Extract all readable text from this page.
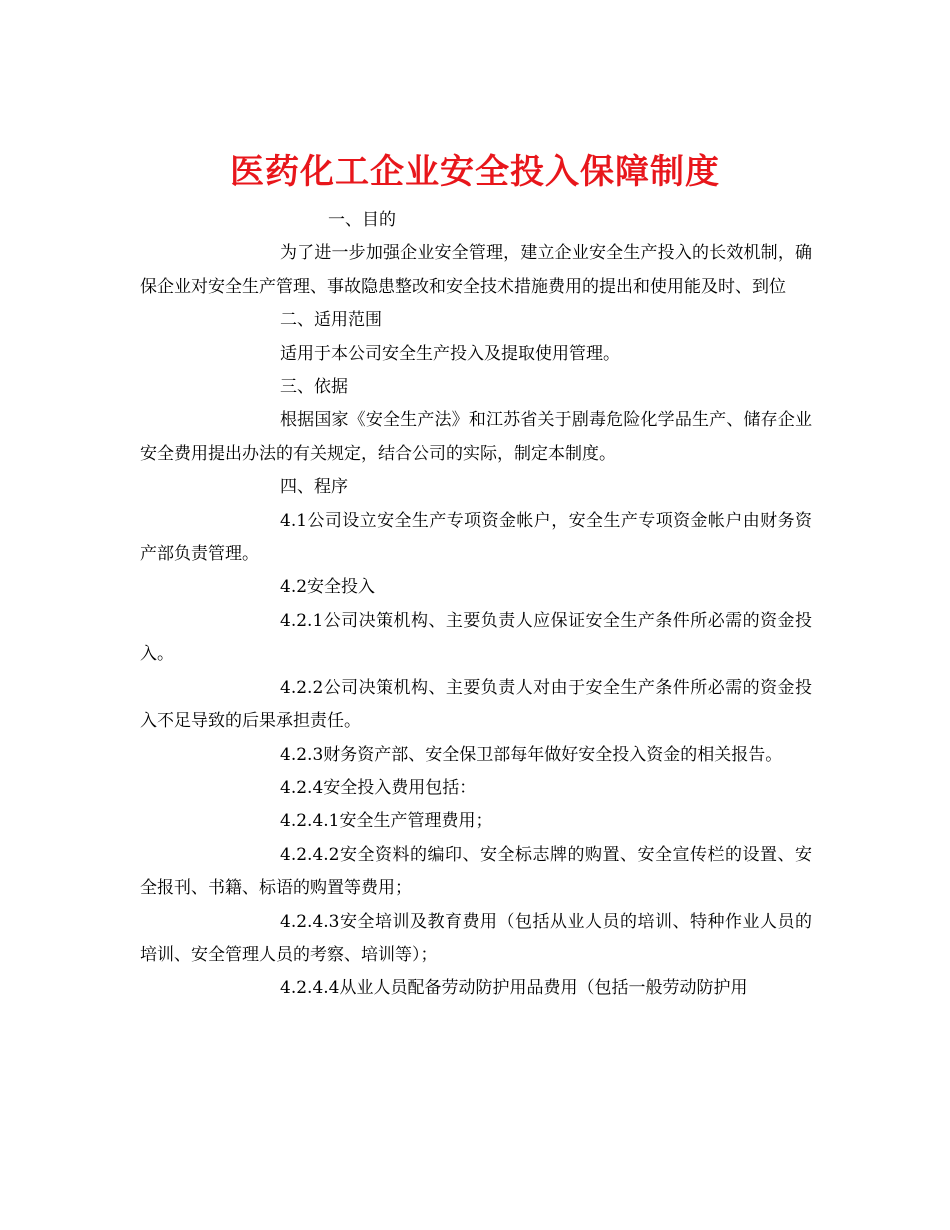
医药化工企业安全投入保障制度

一、目的

为了进一步加强企业安全管理，建立企业安全生产投入的长效机制，确保企业对安全生产管理、事故隐患整改和安全技术措施费用的提出和使用能及时、到位

二、适用范围

适用于本公司安全生产投入及提取使用管理。

三、依据

根据国家《安全生产法》和江苏省关于剧毒危险化学品生产、储存企业安全费用提出办法的有关规定，结合公司的实际，制定本制度。

四、程序

4.1公司设立安全生产专项资金帐户，安全生产专项资金帐户由财务资产部负责管理。

4.2安全投入

4.2.1公司决策机构、主要负责人应保证安全生产条件所必需的资金投入。

4.2.2公司决策机构、主要负责人对由于安全生产条件所必需的资金投入不足导致的后果承担责任。

4.2.3财务资产部、安全保卫部每年做好安全投入资金的相关报告。

4.2.4安全投入费用包括：

4.2.4.1安全生产管理费用；

4.2.4.2安全资料的编印、安全标志牌的购置、安全宣传栏的设置、安全报刊、书籍、标语的购置等费用；

4.2.4.3安全培训及教育费用（包括从业人员的培训、特种作业人员的培训、安全管理人员的考察、培训等）；

4.2.4.4从业人员配备劳动防护用品费用（包括一般劳动防护用
